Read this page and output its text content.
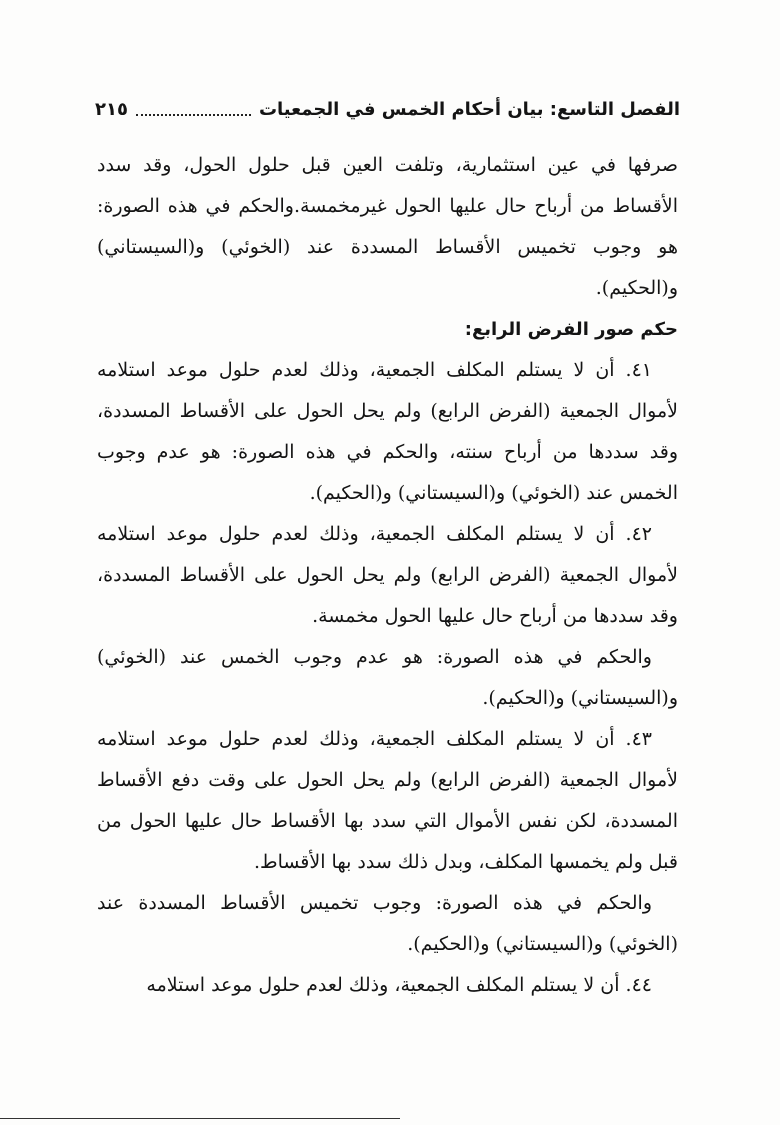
الفصل التاسع: بيان أحكام الخمس في الجمعيات
٢١٥

صرفها في عين استثمارية، وتلفت العين قبل حلول الحول، وقد سدد الأقساط من أرباح حال عليها الحول غيرمخمسة.والحكم في هذه الصورة: هو وجوب تخميس الأقساط المسددة عند (الخوئي) و(السيستاني) و(الحكيم).

حكم صور الفرض الرابع:

٤١. أن لا يستلم المكلف الجمعية، وذلك لعدم حلول موعد استلامه لأموال الجمعية (الفرض الرابع) ولم يحل الحول على الأقساط المسددة، وقد سددها من أرباح سنته، والحكم في هذه الصورة: هو عدم وجوب الخمس عند (الخوئي) و(السيستاني) و(الحكيم).

٤٢. أن لا يستلم المكلف الجمعية، وذلك لعدم حلول موعد استلامه لأموال الجمعية (الفرض الرابع) ولم يحل الحول على الأقساط المسددة، وقد سددها من أرباح حال عليها الحول مخمسة.

والحكم في هذه الصورة: هو عدم وجوب الخمس عند (الخوئي) و(السيستاني) و(الحكيم).

٤٣. أن لا يستلم المكلف الجمعية، وذلك لعدم حلول موعد استلامه لأموال الجمعية (الفرض الرابع) ولم يحل الحول على وقت دفع الأقساط المسددة، لكن نفس الأموال التي سدد بها الأقساط حال عليها الحول من قبل ولم يخمسها المكلف، وبدل ذلك سدد بها الأقساط.

والحكم في هذه الصورة: وجوب تخميس الأقساط المسددة عند (الخوئي) و(السيستاني) و(الحكيم).

٤٤. أن لا يستلم المكلف الجمعية، وذلك لعدم حلول موعد استلامه
